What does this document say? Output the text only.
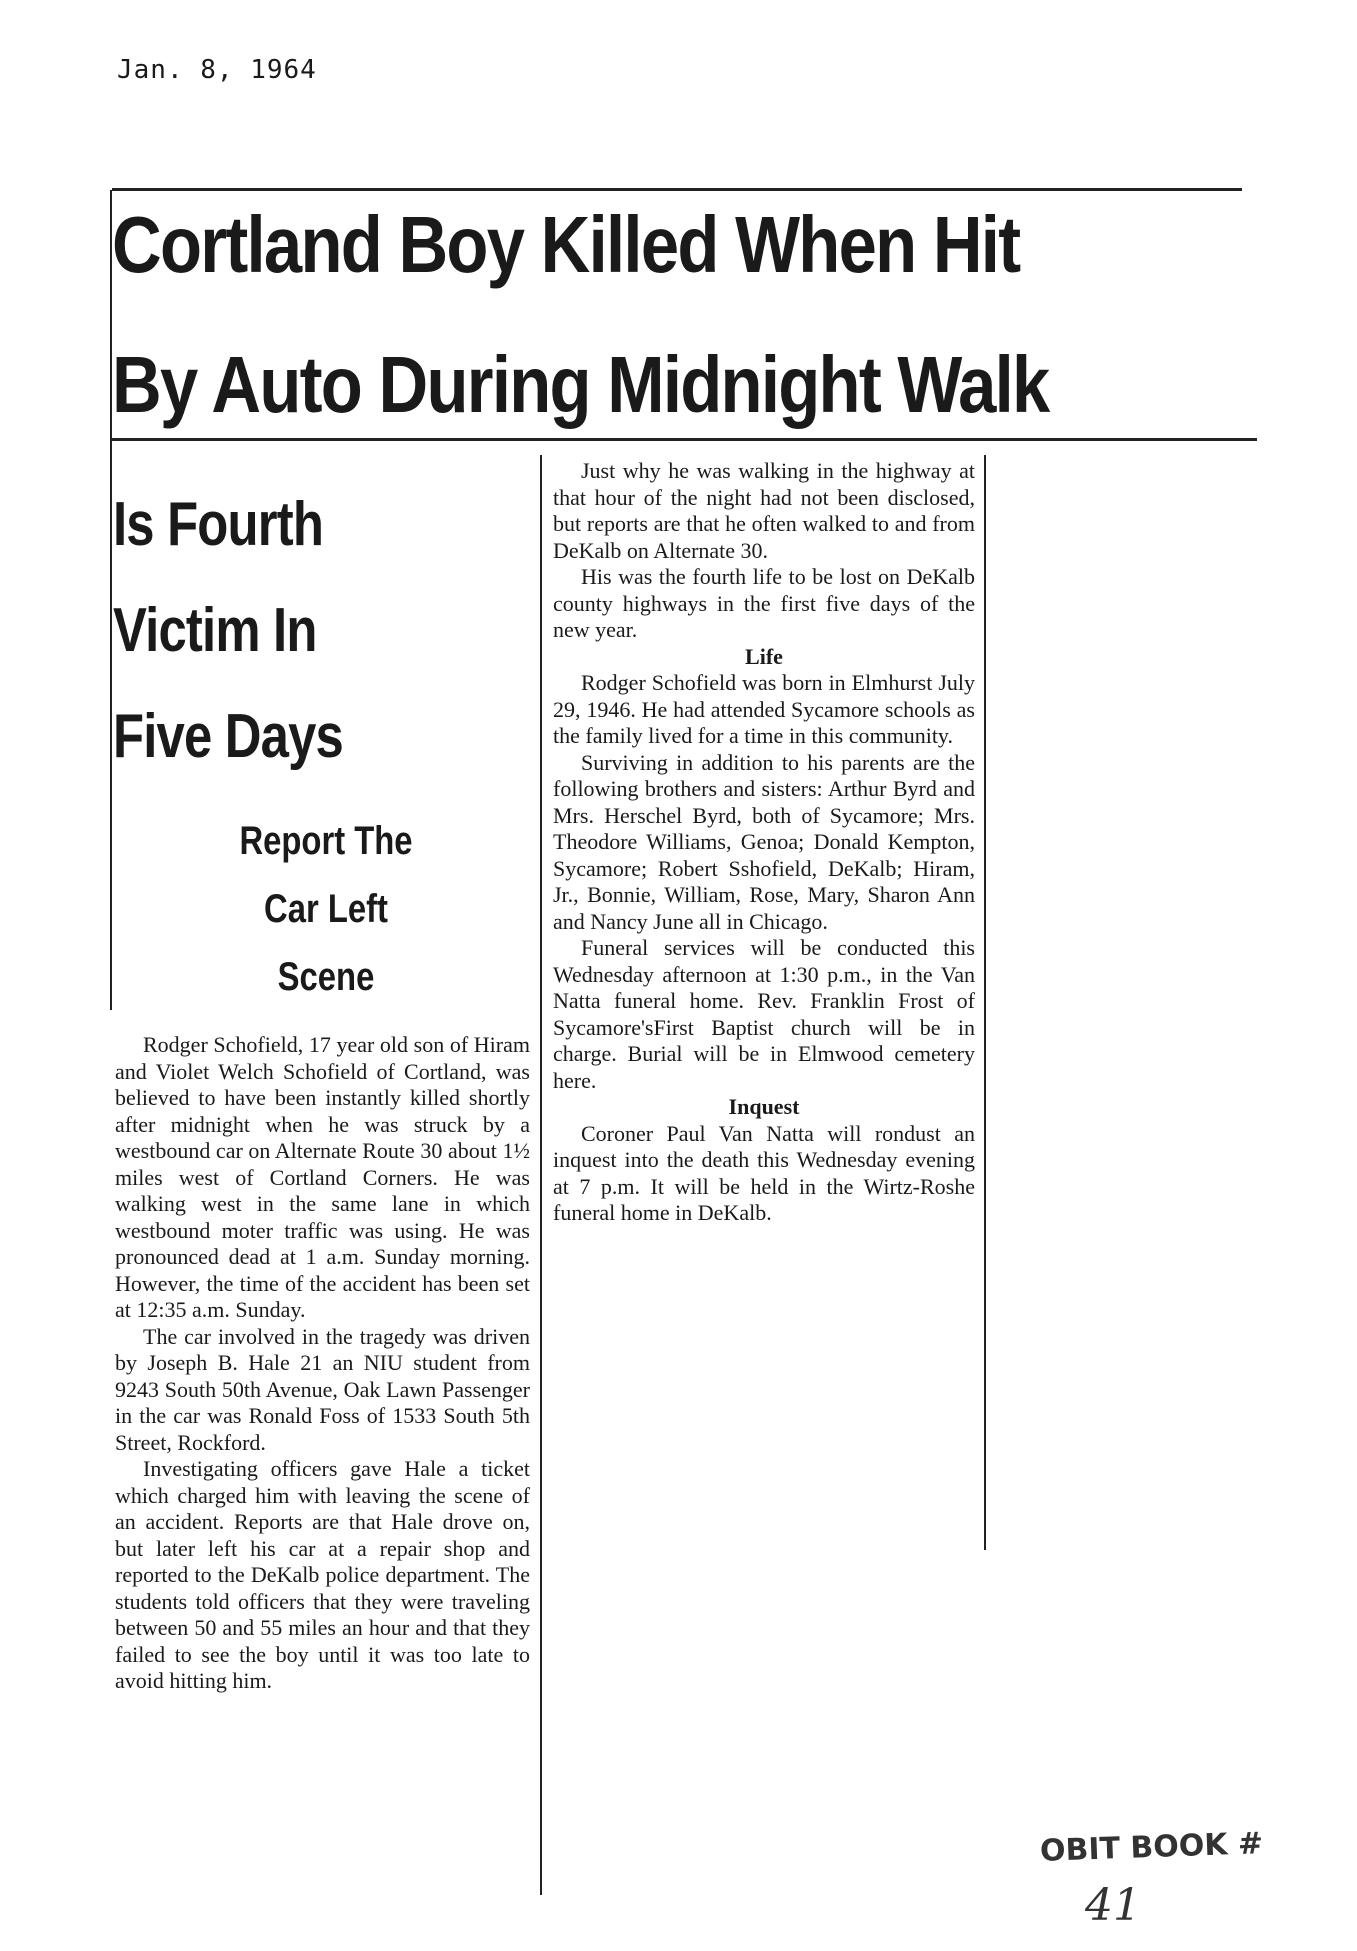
Jan. 8, 1964
Cortland Boy Killed When Hit
By Auto During Midnight Walk
Is Fourth
Victim In
Five Days
Report The
Car Left
Scene

Rodger Schofield, 17 year old son of Hiram and Violet Welch Schofield of Cortland, was believed to have been instantly killed shortly after midnight when he was struck by a westbound car on Alternate Route 30 about 1½ miles west of Cortland Corners. He was walking west in the same lane in which westbound moter traffic was using. He was pronounced dead at 1 a.m. Sunday morning. However, the time of the accident has been set at 12:35 a.m. Sunday.

The car involved in the tragedy was driven by Joseph B. Hale 21 an NIU student from 9243 South 50th Avenue, Oak Lawn Passenger in the car was Ronald Foss of 1533 South 5th Street, Rockford.

Investigating officers gave Hale a ticket which charged him with leaving the scene of an accident. Reports are that Hale drove on, but later left his car at a repair shop and reported to the DeKalb police department. The students told officers that they were traveling between 50 and 55 miles an hour and that they failed to see the boy until it was too late to avoid hitting him.

Just why he was walking in the highway at that hour of the night had not been disclosed, but reports are that he often walked to and from DeKalb on Alternate 30.

His was the fourth life to be lost on DeKalb county highways in the first five days of the new year.

Life

Rodger Schofield was born in Elmhurst July 29, 1946. He had attended Sycamore schools as the family lived for a time in this community.

Surviving in addition to his parents are the following brothers and sisters: Arthur Byrd and Mrs. Herschel Byrd, both of Sycamore; Mrs. Theodore Williams, Genoa; Donald Kempton, Sycamore; Robert Sshofield, DeKalb; Hiram, Jr., Bonnie, William, Rose, Mary, Sharon Ann and Nancy June all in Chicago.

Funeral services will be conducted this Wednesday afternoon at 1:30 p.m., in the Van Natta funeral home. Rev. Franklin Frost of Sycamore'sFirst Baptist church will be in charge. Burial will be in Elmwood cemetery here.

Inquest

Coroner Paul Van Natta will rondust an inquest into the death this Wednesday evening at 7 p.m. It will be held in the Wirtz-Roshe funeral home in DeKalb.

OBIT BOOK #
41
